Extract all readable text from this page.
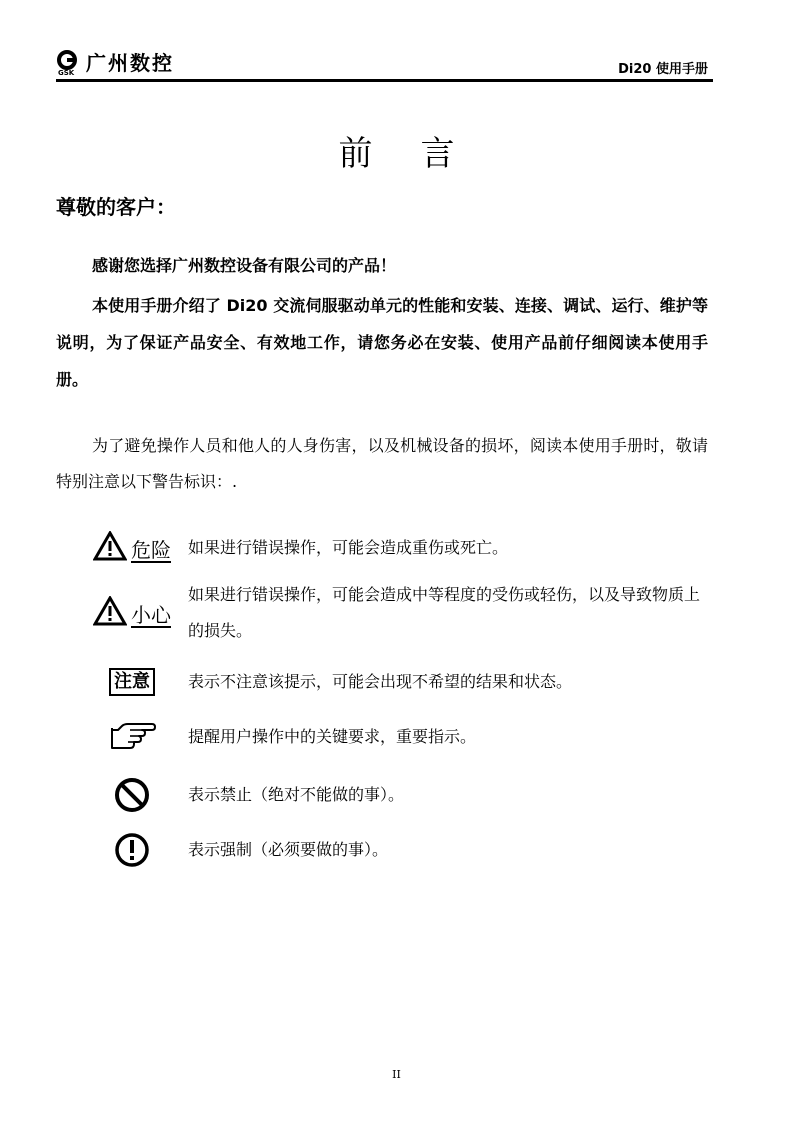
GSK 广州数控	Di20 使用手册
前言
尊敬的客户：
感谢您选择广州数控设备有限公司的产品！
本使用手册介绍了 Di20 交流伺服驱动单元的性能和安装、连接、调试、运行、维护等说明，为了保证产品安全、有效地工作，请您务必在安装、使用产品前仔细阅读本使用手册。
为了避免操作人员和他人的人身伤害，以及机械设备的损坏，阅读本使用手册时，敬请特别注意以下警告标识：.
危险 如果进行错误操作，可能会造成重伤或死亡。
小心
如果进行错误操作，可能会造成中等程度的受伤或轻伤，以及导致物质上的损失。
注意	表示不注意该提示，可能会出现不希望的结果和状态。
提醒用户操作中的关键要求，重要指示。
表示禁止（绝对不能做的事）。
表示强制（必须要做的事）。
II
